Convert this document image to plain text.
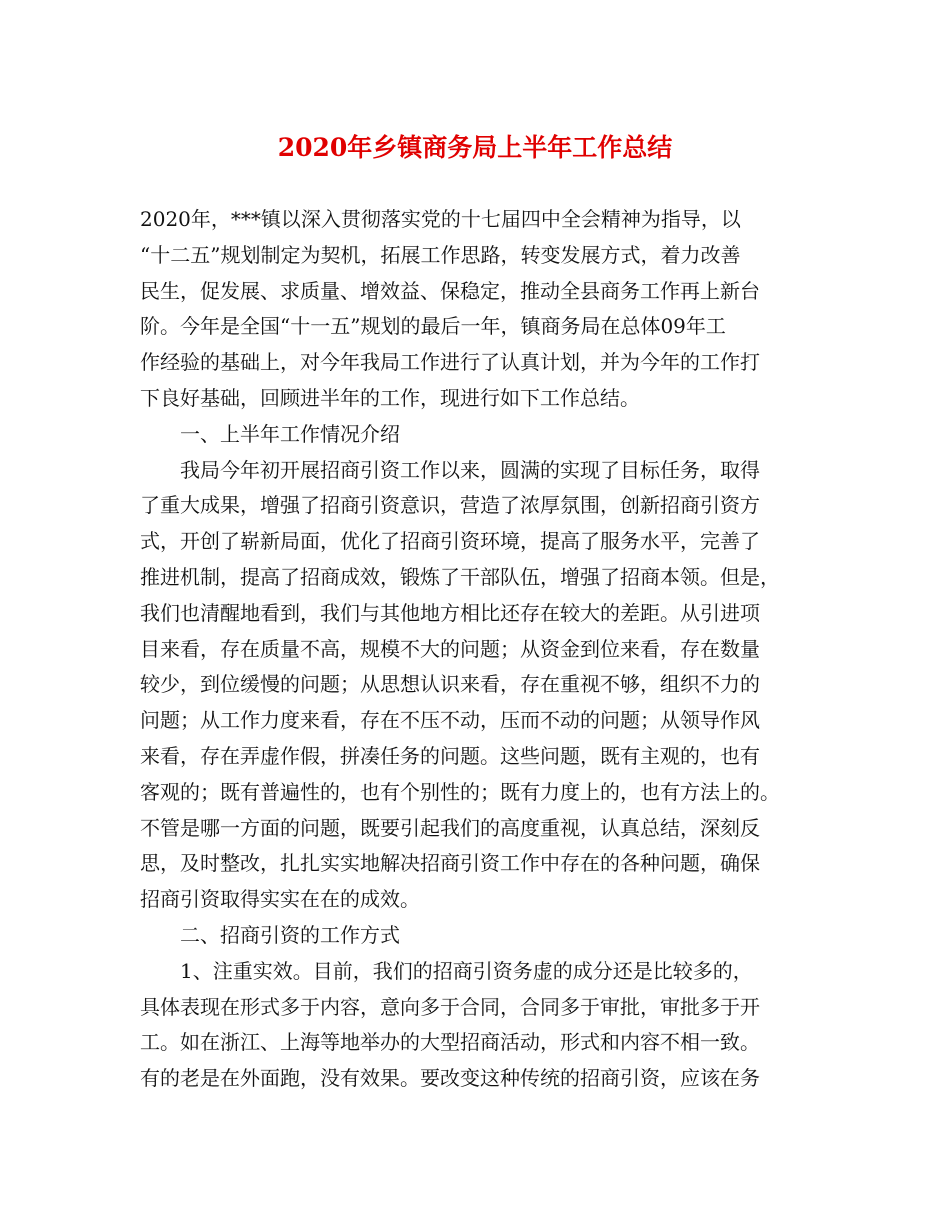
2020年乡镇商务局上半年工作总结

2020年，***镇以深入贯彻落实党的十七届四中全会精神为指导，以

“十二五”规划制定为契机，拓展工作思路，转变发展方式，着力改善

民生，促发展、求质量、增效益、保稳定，推动全县商务工作再上新台

阶。今年是全国“十一五”规划的最后一年，镇商务局在总体09年工

作经验的基础上，对今年我局工作进行了认真计划，并为今年的工作打

下良好基础，回顾进半年的工作，现进行如下工作总结。

一、上半年工作情况介绍

我局今年初开展招商引资工作以来，圆满的实现了目标任务，取得

了重大成果，增强了招商引资意识，营造了浓厚氛围，创新招商引资方

式，开创了崭新局面，优化了招商引资环境，提高了服务水平，完善了

推进机制，提高了招商成效，锻炼了干部队伍，增强了招商本领。但是，

我们也清醒地看到，我们与其他地方相比还存在较大的差距。从引进项

目来看，存在质量不高，规模不大的问题；从资金到位来看，存在数量

较少，到位缓慢的问题；从思想认识来看，存在重视不够，组织不力的

问题；从工作力度来看，存在不压不动，压而不动的问题；从领导作风

来看，存在弄虚作假，拼凑任务的问题。这些问题，既有主观的，也有

客观的；既有普遍性的，也有个别性的；既有力度上的，也有方法上的。

不管是哪一方面的问题，既要引起我们的高度重视，认真总结，深刻反

思，及时整改，扎扎实实地解决招商引资工作中存在的各种问题，确保

招商引资取得实实在在的成效。

二、招商引资的工作方式

1、注重实效。目前，我们的招商引资务虚的成分还是比较多的，

具体表现在形式多于内容，意向多于合同，合同多于审批，审批多于开

工。如在浙江、上海等地举办的大型招商活动，形式和内容不相一致。

有的老是在外面跑，没有效果。要改变这种传统的招商引资，应该在务
